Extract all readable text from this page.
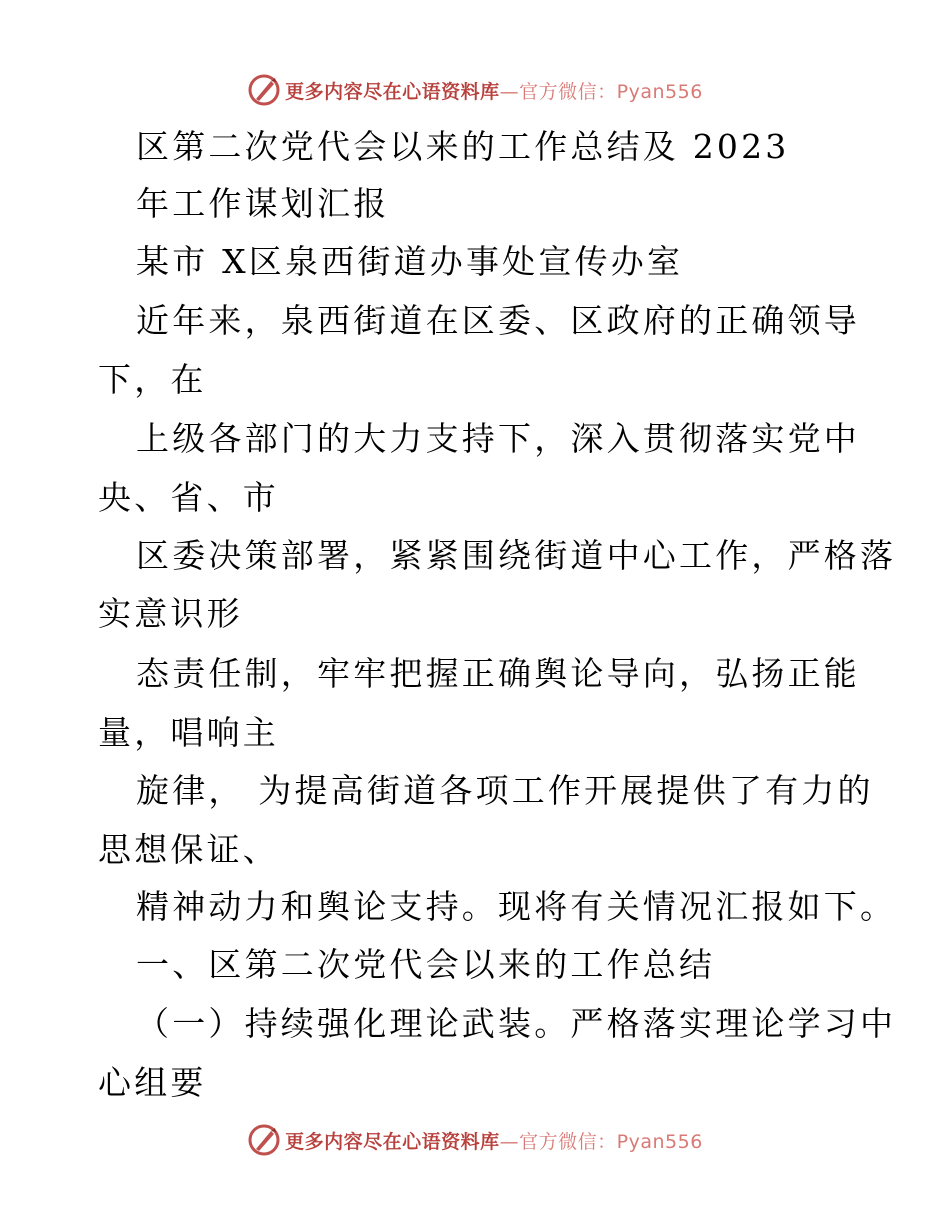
更多内容尽在心语资料库—官方微信：Pyan556
区第二次党代会以来的工作总结及 2023
年工作谋划汇报
某市 X区泉西街道办事处宣传办室
近年来，泉西街道在区委、区政府的正确领导
下，在
上级各部门的大力支持下，深入贯彻落实党中
央、省、市
区委决策部署，紧紧围绕街道中心工作，严格落
实意识形
态责任制，牢牢把握正确舆论导向，弘扬正能
量，唱响主
旋律， 为提高街道各项工作开展提供了有力的
思想保证、
精神动力和舆论支持。现将有关情况汇报如下。
一、区第二次党代会以来的工作总结
（一）持续强化理论武装。严格落实理论学习中
心组要
更多内容尽在心语资料库—官方微信：Pyan556
